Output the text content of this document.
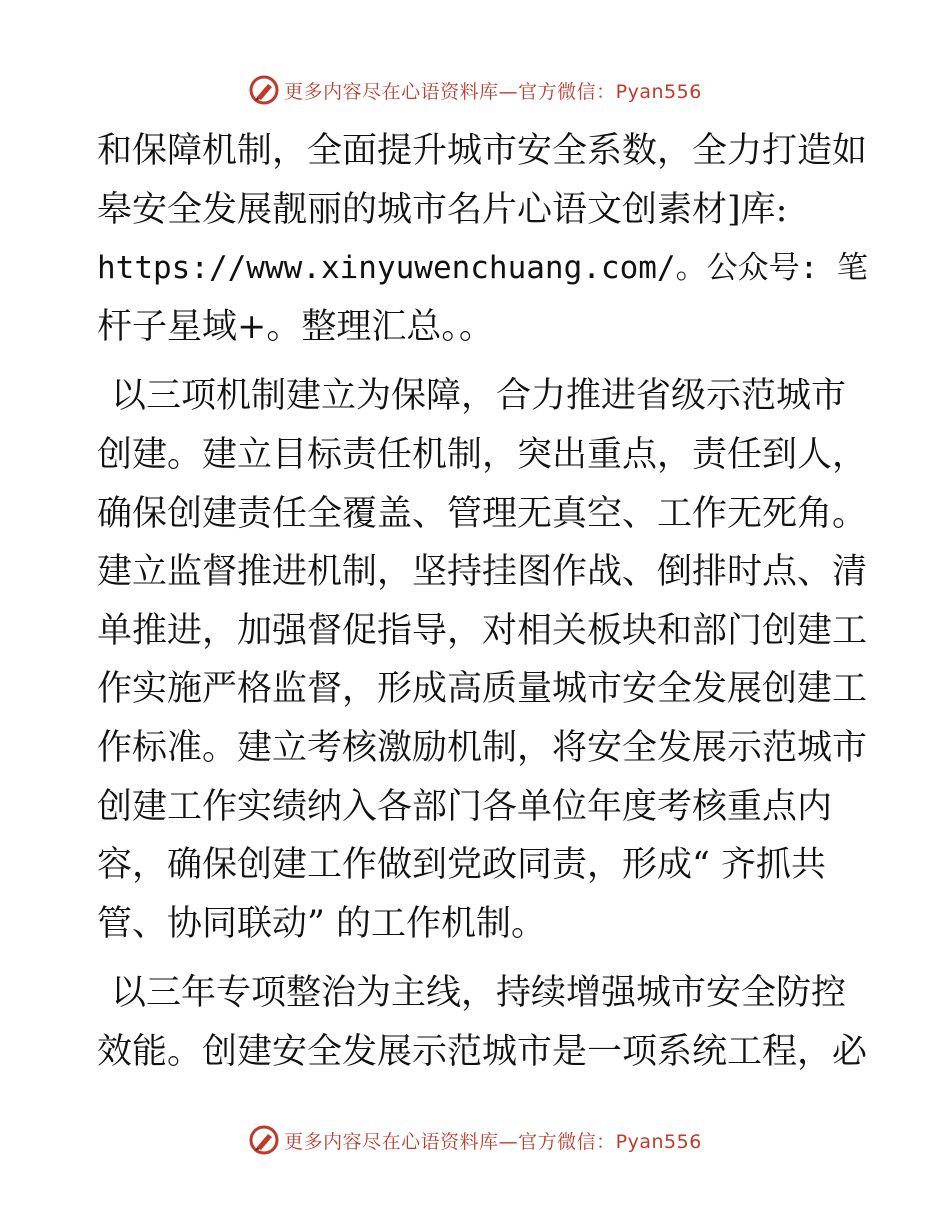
更多内容尽在心语资料库—官方微信：Pyan556
和保障机制，全面提升城市安全系数，全力打造如
皋安全发展靓丽的城市名片心语文创素材]库:
https://www.xinyuwenchuang.com/。公众号: 笔
杆子星域+。整理汇总。。
以三项机制建立为保障，合力推进省级示范城市
创建。建立目标责任机制，突出重点，责任到人，
确保创建责任全覆盖、管理无真空、工作无死角。
建立监督推进机制，坚持挂图作战、倒排时点、清
单推进，加强督促指导，对相关板块和部门创建工
作实施严格监督，形成高质量城市安全发展创建工
作标准。建立考核激励机制，将安全发展示范城市
创建工作实绩纳入各部门各单位年度考核重点内
容，确保创建工作做到党政同责，形成“ 齐抓共
管、协同联动” 的工作机制。
以三年专项整治为主线，持续增强城市安全防控
效能。创建安全发展示范城市是一项系统工程，必
更多内容尽在心语资料库—官方微信：Pyan556
